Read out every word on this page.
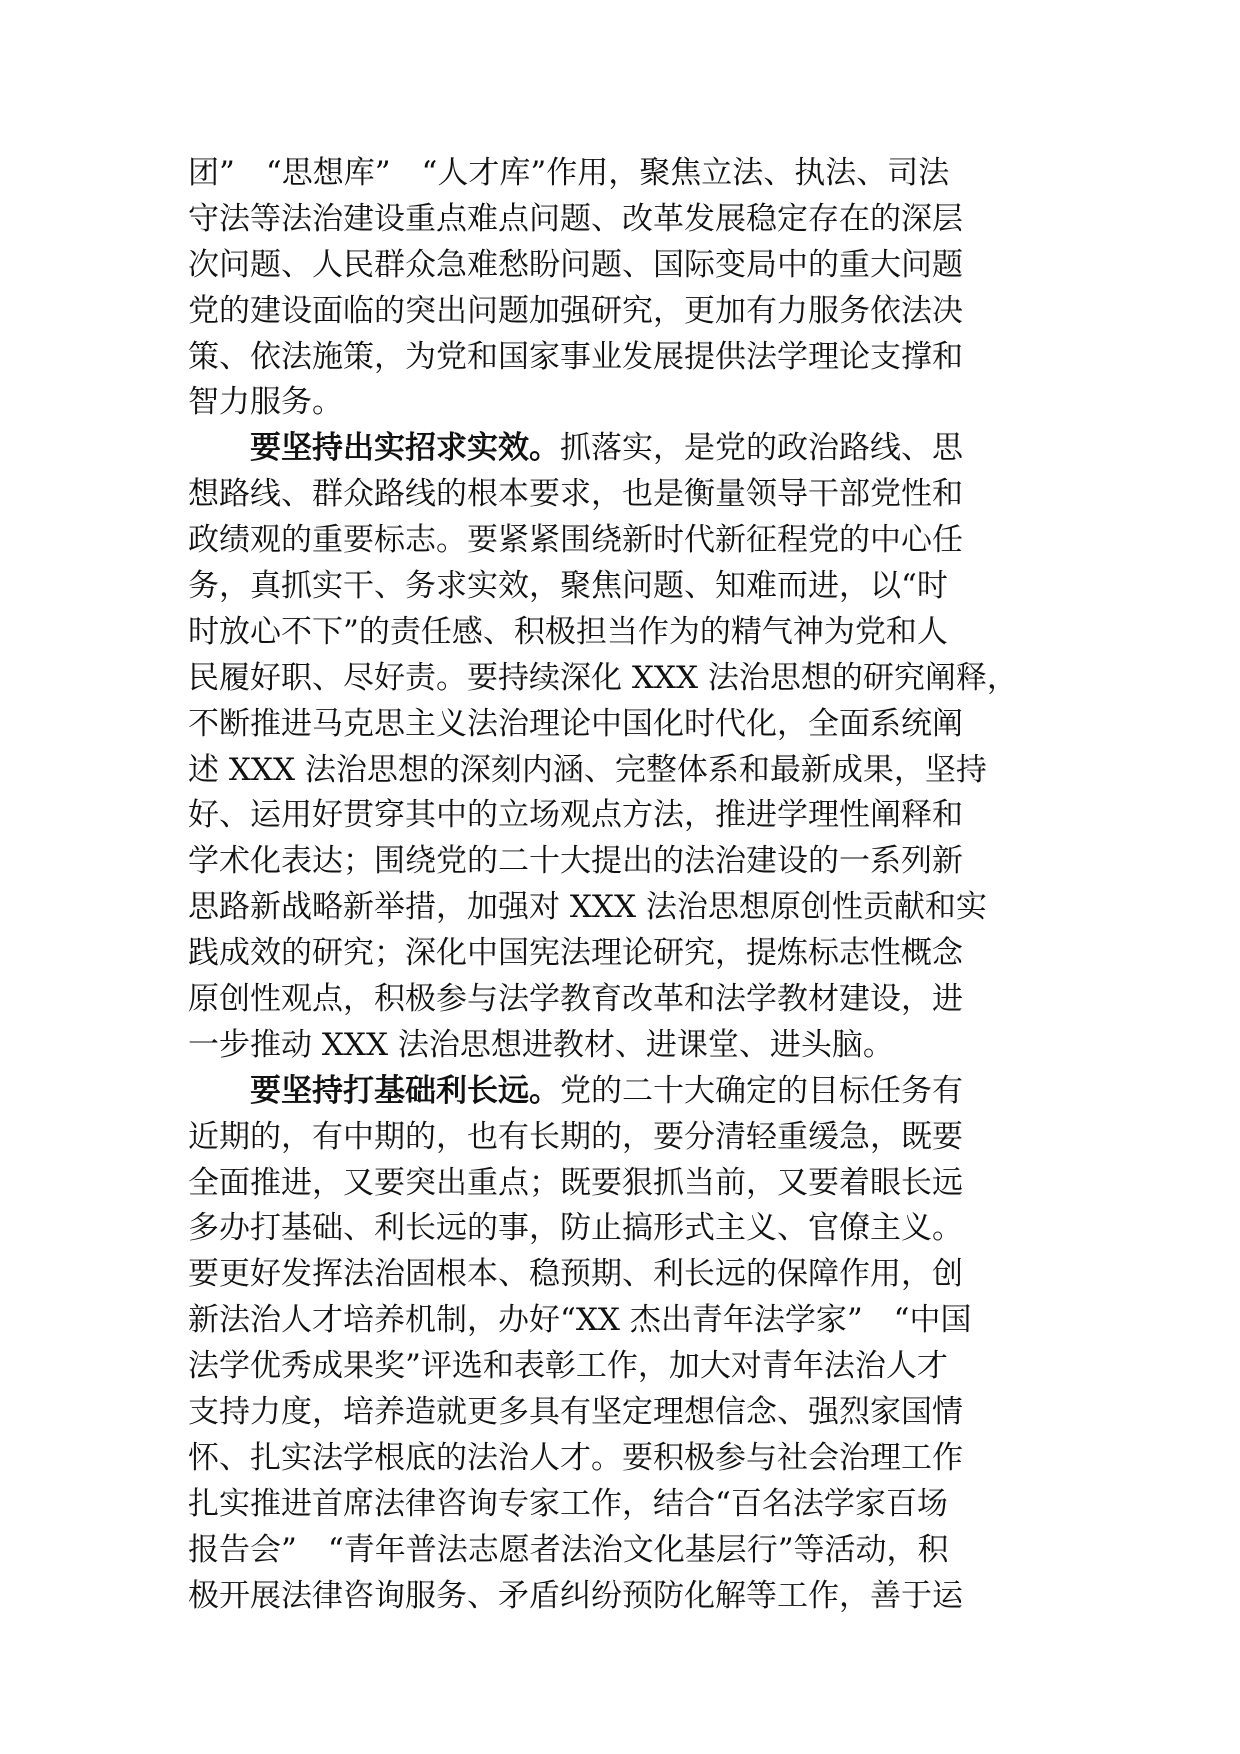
团”　“思想库”　“人才库”作用，聚焦立法、执法、司法
守法等法治建设重点难点问题、改革发展稳定存在的深层
次问题、人民群众急难愁盼问题、国际变局中的重大问题
党的建设面临的突出问题加强研究，更加有力服务依法决
策、依法施策，为党和国家事业发展提供法学理论支撑和
智力服务。
要坚持出实招求实效。抓落实，是党的政治路线、思
想路线、群众路线的根本要求，也是衡量领导干部党性和
政绩观的重要标志。要紧紧围绕新时代新征程党的中心任
务，真抓实干、务求实效，聚焦问题、知难而进，以“时
时放心不下”的责任感、积极担当作为的精气神为党和人
民履好职、尽好责。要持续深化 XXX 法治思想的研究阐释，
不断推进马克思主义法治理论中国化时代化，全面系统阐
述 XXX 法治思想的深刻内涵、完整体系和最新成果，坚持
好、运用好贯穿其中的立场观点方法，推进学理性阐释和
学术化表达；围绕党的二十大提出的法治建设的一系列新
思路新战略新举措，加强对 XXX 法治思想原创性贡献和实
践成效的研究；深化中国宪法理论研究，提炼标志性概念
原创性观点，积极参与法学教育改革和法学教材建设，进
一步推动 XXX 法治思想进教材、进课堂、进头脑。
要坚持打基础利长远。党的二十大确定的目标任务有
近期的，有中期的，也有长期的，要分清轻重缓急，既要
全面推进，又要突出重点；既要狠抓当前，又要着眼长远
多办打基础、利长远的事，防止搞形式主义、官僚主义。
要更好发挥法治固根本、稳预期、利长远的保障作用，创
新法治人才培养机制，办好“XX 杰出青年法学家”　“中国
法学优秀成果奖”评选和表彰工作，加大对青年法治人才
支持力度，培养造就更多具有坚定理想信念、强烈家国情
怀、扎实法学根底的法治人才。要积极参与社会治理工作
扎实推进首席法律咨询专家工作，结合“百名法学家百场
报告会”　“青年普法志愿者法治文化基层行”等活动，积
极开展法律咨询服务、矛盾纠纷预防化解等工作，善于运
